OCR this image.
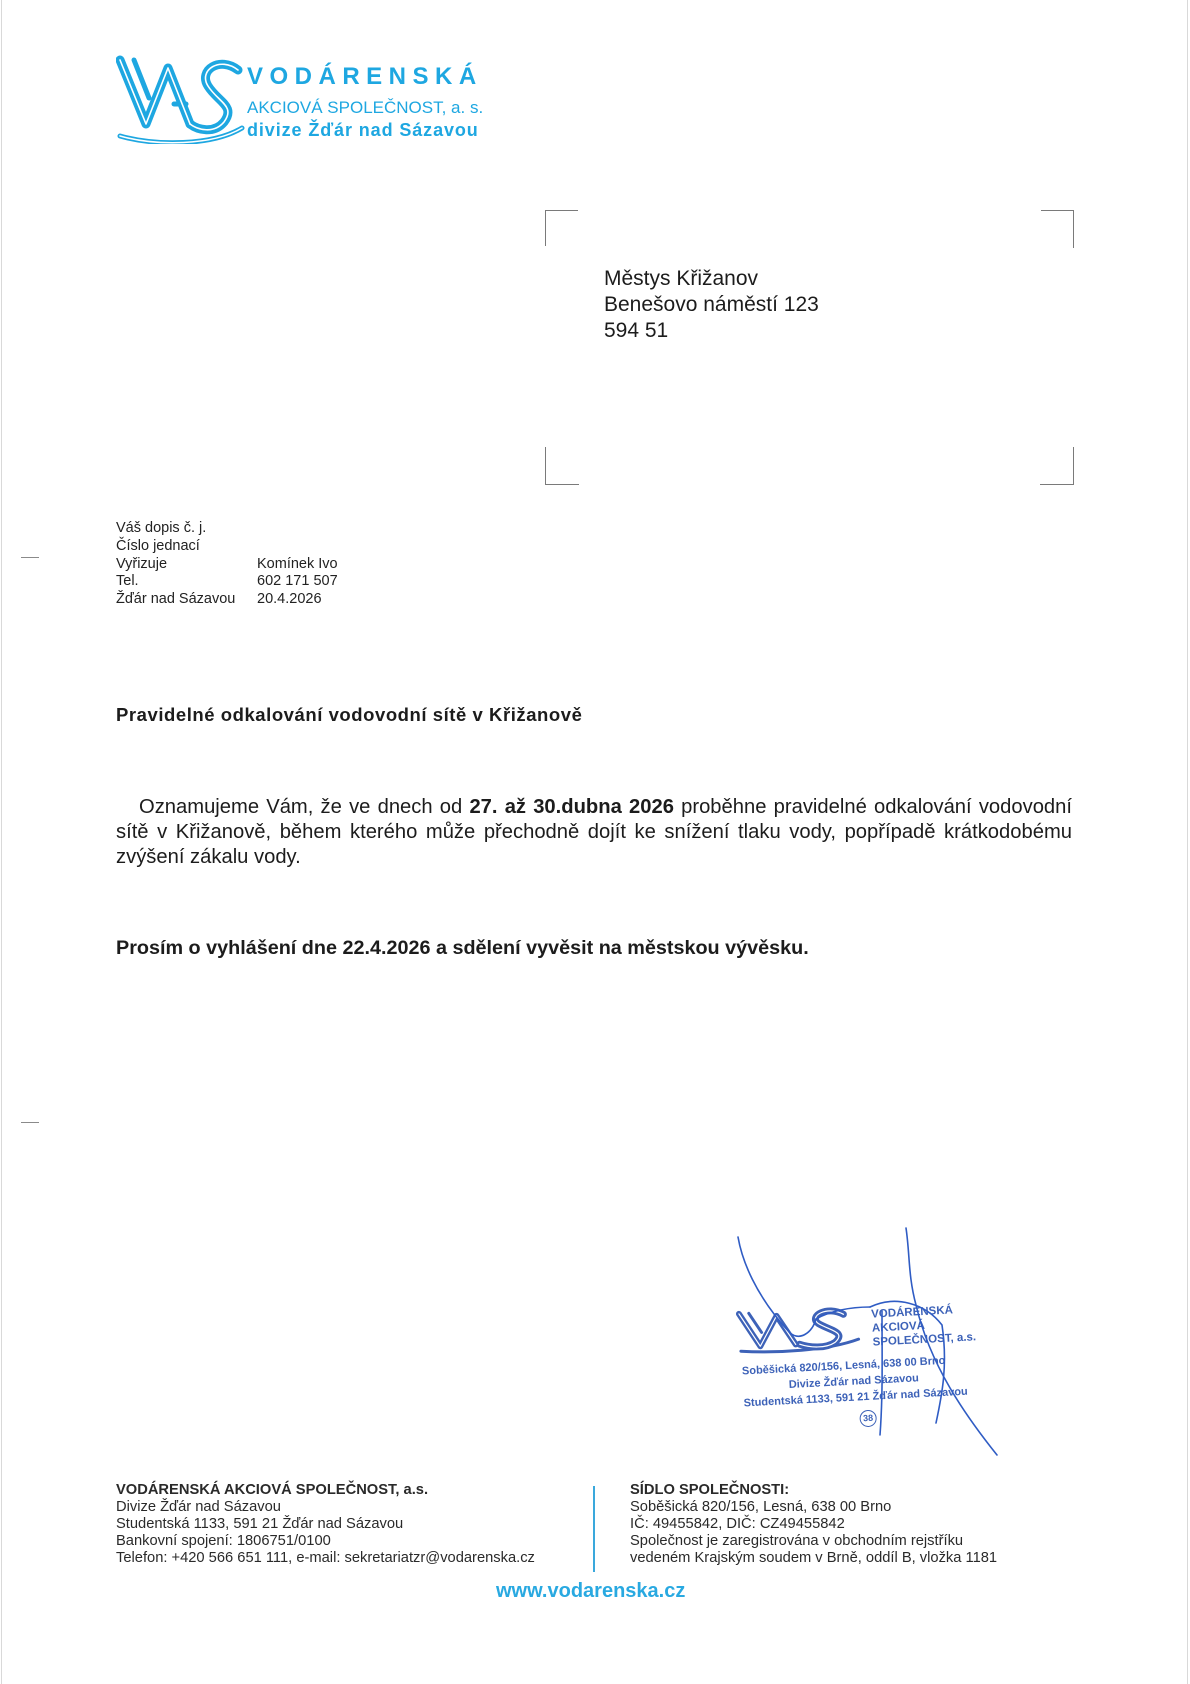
VODÁRENSKÁ
AKCIOVÁ SPOLEČNOST, a. s.
divize Žďár nad Sázavou
Městys Křižanov
Benešovo náměstí 123
594 51
Váš dopis č. j.
Číslo jednací
Vyřizuje	Komínek Ivo
Tel.	602 171 507
Žďár nad Sázavou 20.4.2026
Pravidelné odkalování vodovodní sítě v Křižanově

Oznamujeme Vám, že ve dnech od 27. až 30.dubna 2026 proběhne pravidelné odkalování vodovodní sítě v Křižanově, během kterého může přechodně dojít ke snížení tlaku vody, popřípadě krátkodobému zvýšení zákalu vody.

Prosím o vyhlášení dne 22.4.2026 a sdělení vyvěsit na městskou vývěsku.
VODÁRENSKÁ
AKCIOVÁ
SPOLEČNOST, a.s.
Soběšická 820/156, Lesná, 638 00 Brno
Divize Žďár nad Sázavou
Studentská 1133, 591 21 Žďár nad Sázavou
38
VODÁRENSKÁ AKCIOVÁ SPOLEČNOST, a.s.
Divize Žďár nad Sázavou
Studentská 1133, 591 21 Žďár nad Sázavou
Bankovní spojení: 1806751/0100
Telefon: +420 566 651 111, e-mail: sekretariatzr@vodarenska.cz
SÍDLO SPOLEČNOSTI:
Soběšická 820/156, Lesná, 638 00 Brno
IČ: 49455842, DIČ: CZ49455842
Společnost je zaregistrována v obchodním rejstříku
vedeném Krajským soudem v Brně, oddíl B, vložka 1181
www.vodarenska.cz
